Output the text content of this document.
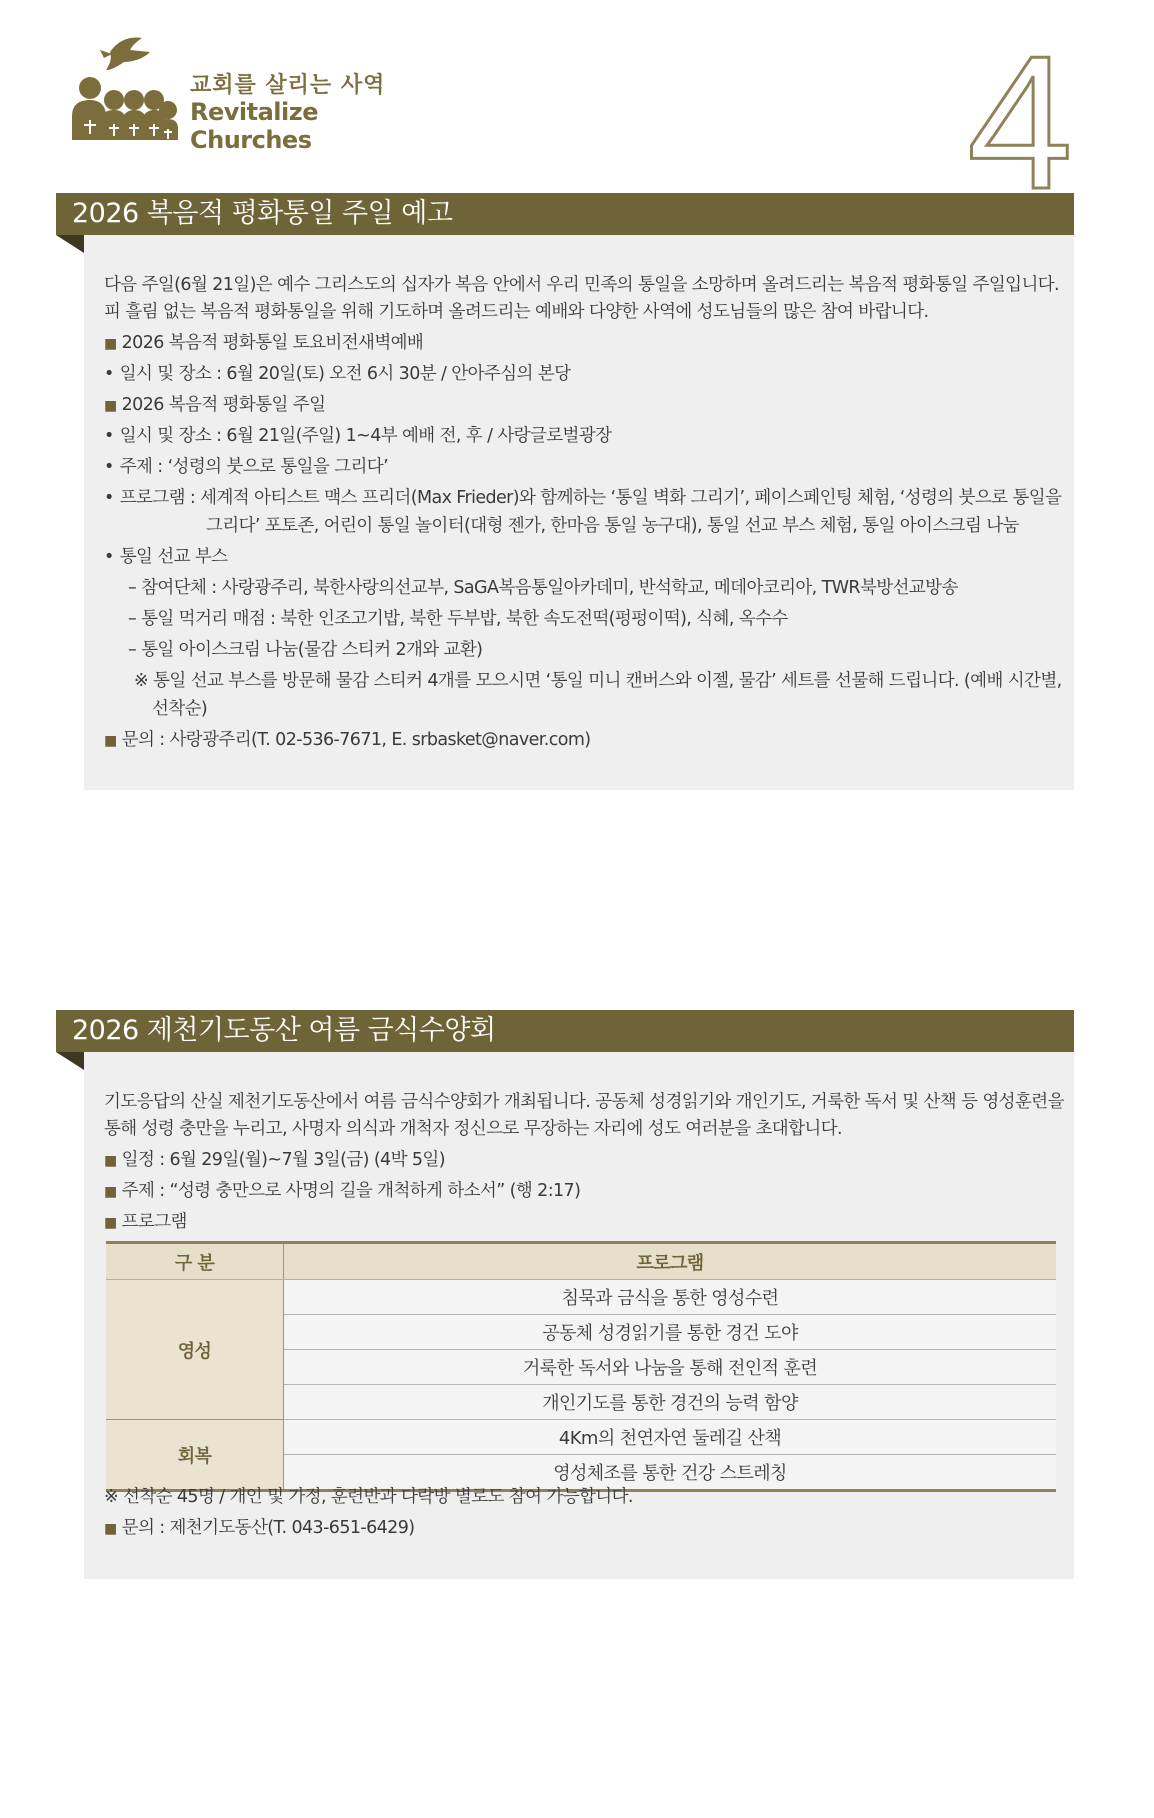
교회를 살리는 사역
Revitalize Churches	4
2026 복음적 평화통일 주일 예고
다음 주일(6월 21일)은 예수 그리스도의 십자가 복음 안에서 우리 민족의 통일을 소망하며 올려드리는 복음적 평화통일 주일입니다.
피 흘림 없는 복음적 평화통일을 위해 기도하며 올려드리는 예배와 다양한 사역에 성도님들의 많은 참여 바랍니다.
■ 2026 복음적 평화통일 토요비전새벽예배
• 일시 및 장소 : 6월 20일(토) 오전 6시 30분 / 안아주심의 본당
■ 2026 복음적 평화통일 주일
• 일시 및 장소 : 6월 21일(주일) 1~4부 예배 전, 후 / 사랑글로벌광장
• 주제 : ‘성령의 붓으로 통일을 그리다’
• 프로그램 : 세계적 아티스트 맥스 프리더(Max Frieder)와 함께하는 ‘통일 벽화 그리기’, 페이스페인팅 체험, ‘성령의 붓으로 통일을
그리다’ 포토존, 어린이 통일 놀이터(대형 젠가, 한마음 통일 농구대), 통일 선교 부스 체험, 통일 아이스크림 나눔
• 통일 선교 부스
– 참여단체 : 사랑광주리, 북한사랑의선교부, SaGA복음통일아카데미, 반석학교, 메데아코리아, TWR북방선교방송
– 통일 먹거리 매점 : 북한 인조고기밥, 북한 두부밥, 북한 속도전떡(펑펑이떡), 식혜, 옥수수
– 통일 아이스크림 나눔(물감 스티커 2개와 교환)
※ 통일 선교 부스를 방문해 물감 스티커 4개를 모으시면 ‘통일 미니 캔버스와 이젤, 물감’ 세트를 선물해 드립니다. (예배 시간별,
선착순)
■ 문의 : 사랑광주리(T. 02-536-7671, E. srbasket@naver.com)
2026 제천기도동산 여름 금식수양회
기도응답의 산실 제천기도동산에서 여름 금식수양회가 개최됩니다. 공동체 성경읽기와 개인기도, 거룩한 독서 및 산책 등 영성훈련을
통해 성령 충만을 누리고, 사명자 의식과 개척자 정신으로 무장하는 자리에 성도 여러분을 초대합니다.
■ 일정 : 6월 29일(월)~7월 3일(금) (4박 5일)
■ 주제 : “성령 충만으로 사명의 길을 개척하게 하소서” (행 2:17)
■ 프로그램
구 분	프로그램
영성	침묵과 금식을 통한 영성수련
	공동체 성경읽기를 통한 경건 도야
	거룩한 독서와 나눔을 통해 전인적 훈련
	개인기도를 통한 경건의 능력 함양
회복	4Km의 천연자연 둘레길 산책
	영성체조를 통한 건강 스트레칭
※ 선착순 45명 / 개인 및 가정, 훈련반과 다락방 별로도 참여 가능합니다.
■ 문의 : 제천기도동산(T. 043-651-6429)
